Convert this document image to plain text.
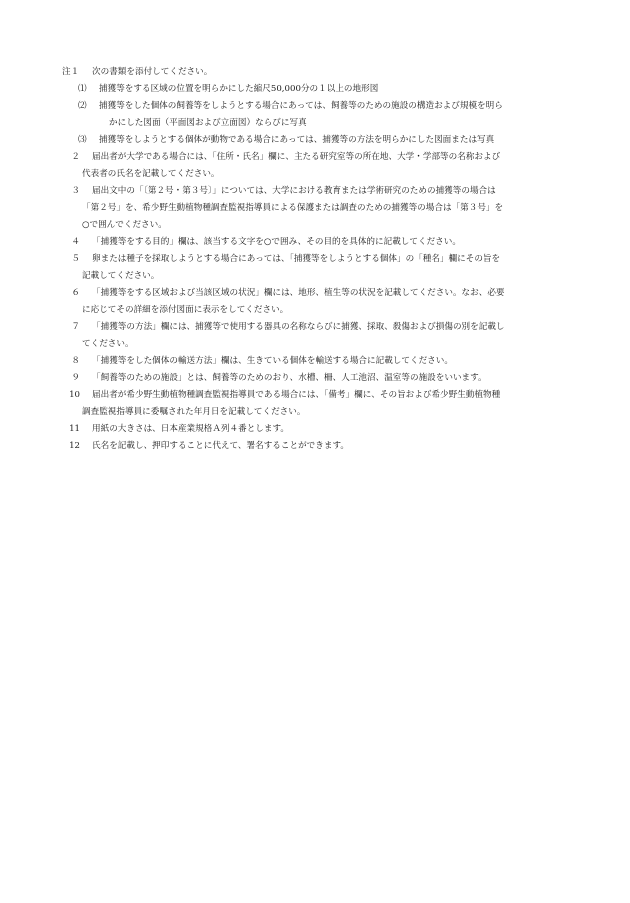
注１	次の書類を添付してください。
⑴	捕獲等をする区域の位置を明らかにした縮尺50,000分の１以上の地形図
⑵	捕獲等をした個体の飼養等をしようとする場合にあっては、飼養等のための施設の構造および規模を明ら
かにした図面（平面図および立面図）ならびに写真
⑶	捕獲等をしようとする個体が動物である場合にあっては、捕獲等の方法を明らかにした図面または写真
２	届出者が大学である場合には、「住所・氏名」欄に、主たる研究室等の所在地、大学・学部等の名称および
代表者の氏名を記載してください。
３	届出文中の「〔第２号・第３号〕」については、大学における教育または学術研究のための捕獲等の場合は
「第２号」を、希少野生動植物種調査監視指導員による保護または調査のための捕獲等の場合は「第３号」を
○で囲んでください。
４	「捕獲等をする目的」欄は、該当する文字を○で囲み、その目的を具体的に記載してください。
５	卵または種子を採取しようとする場合にあっては、「捕獲等をしようとする個体」の「種名」欄にその旨を
記載してください。
６	「捕獲等をする区域および当該区域の状況」欄には、地形、植生等の状況を記載してください。なお、必要
に応じてその詳細を添付図面に表示をしてください。
７	「捕獲等の方法」欄には、捕獲等で使用する器具の名称ならびに捕獲、採取、殺傷および損傷の別を記載し
てください。
８	「捕獲等をした個体の輸送方法」欄は、生きている個体を輸送する場合に記載してください。
９	「飼養等のための施設」とは、飼養等のためのおり、水槽、柵、人工池沼、温室等の施設をいいます。
10	届出者が希少野生動植物種調査監視指導員である場合には、「備考」欄に、その旨および希少野生動植物種
調査監視指導員に委嘱された年月日を記載してください。
11	用紙の大きさは、日本産業規格Ａ列４番とします。
12	氏名を記載し、押印することに代えて、署名することができます。
